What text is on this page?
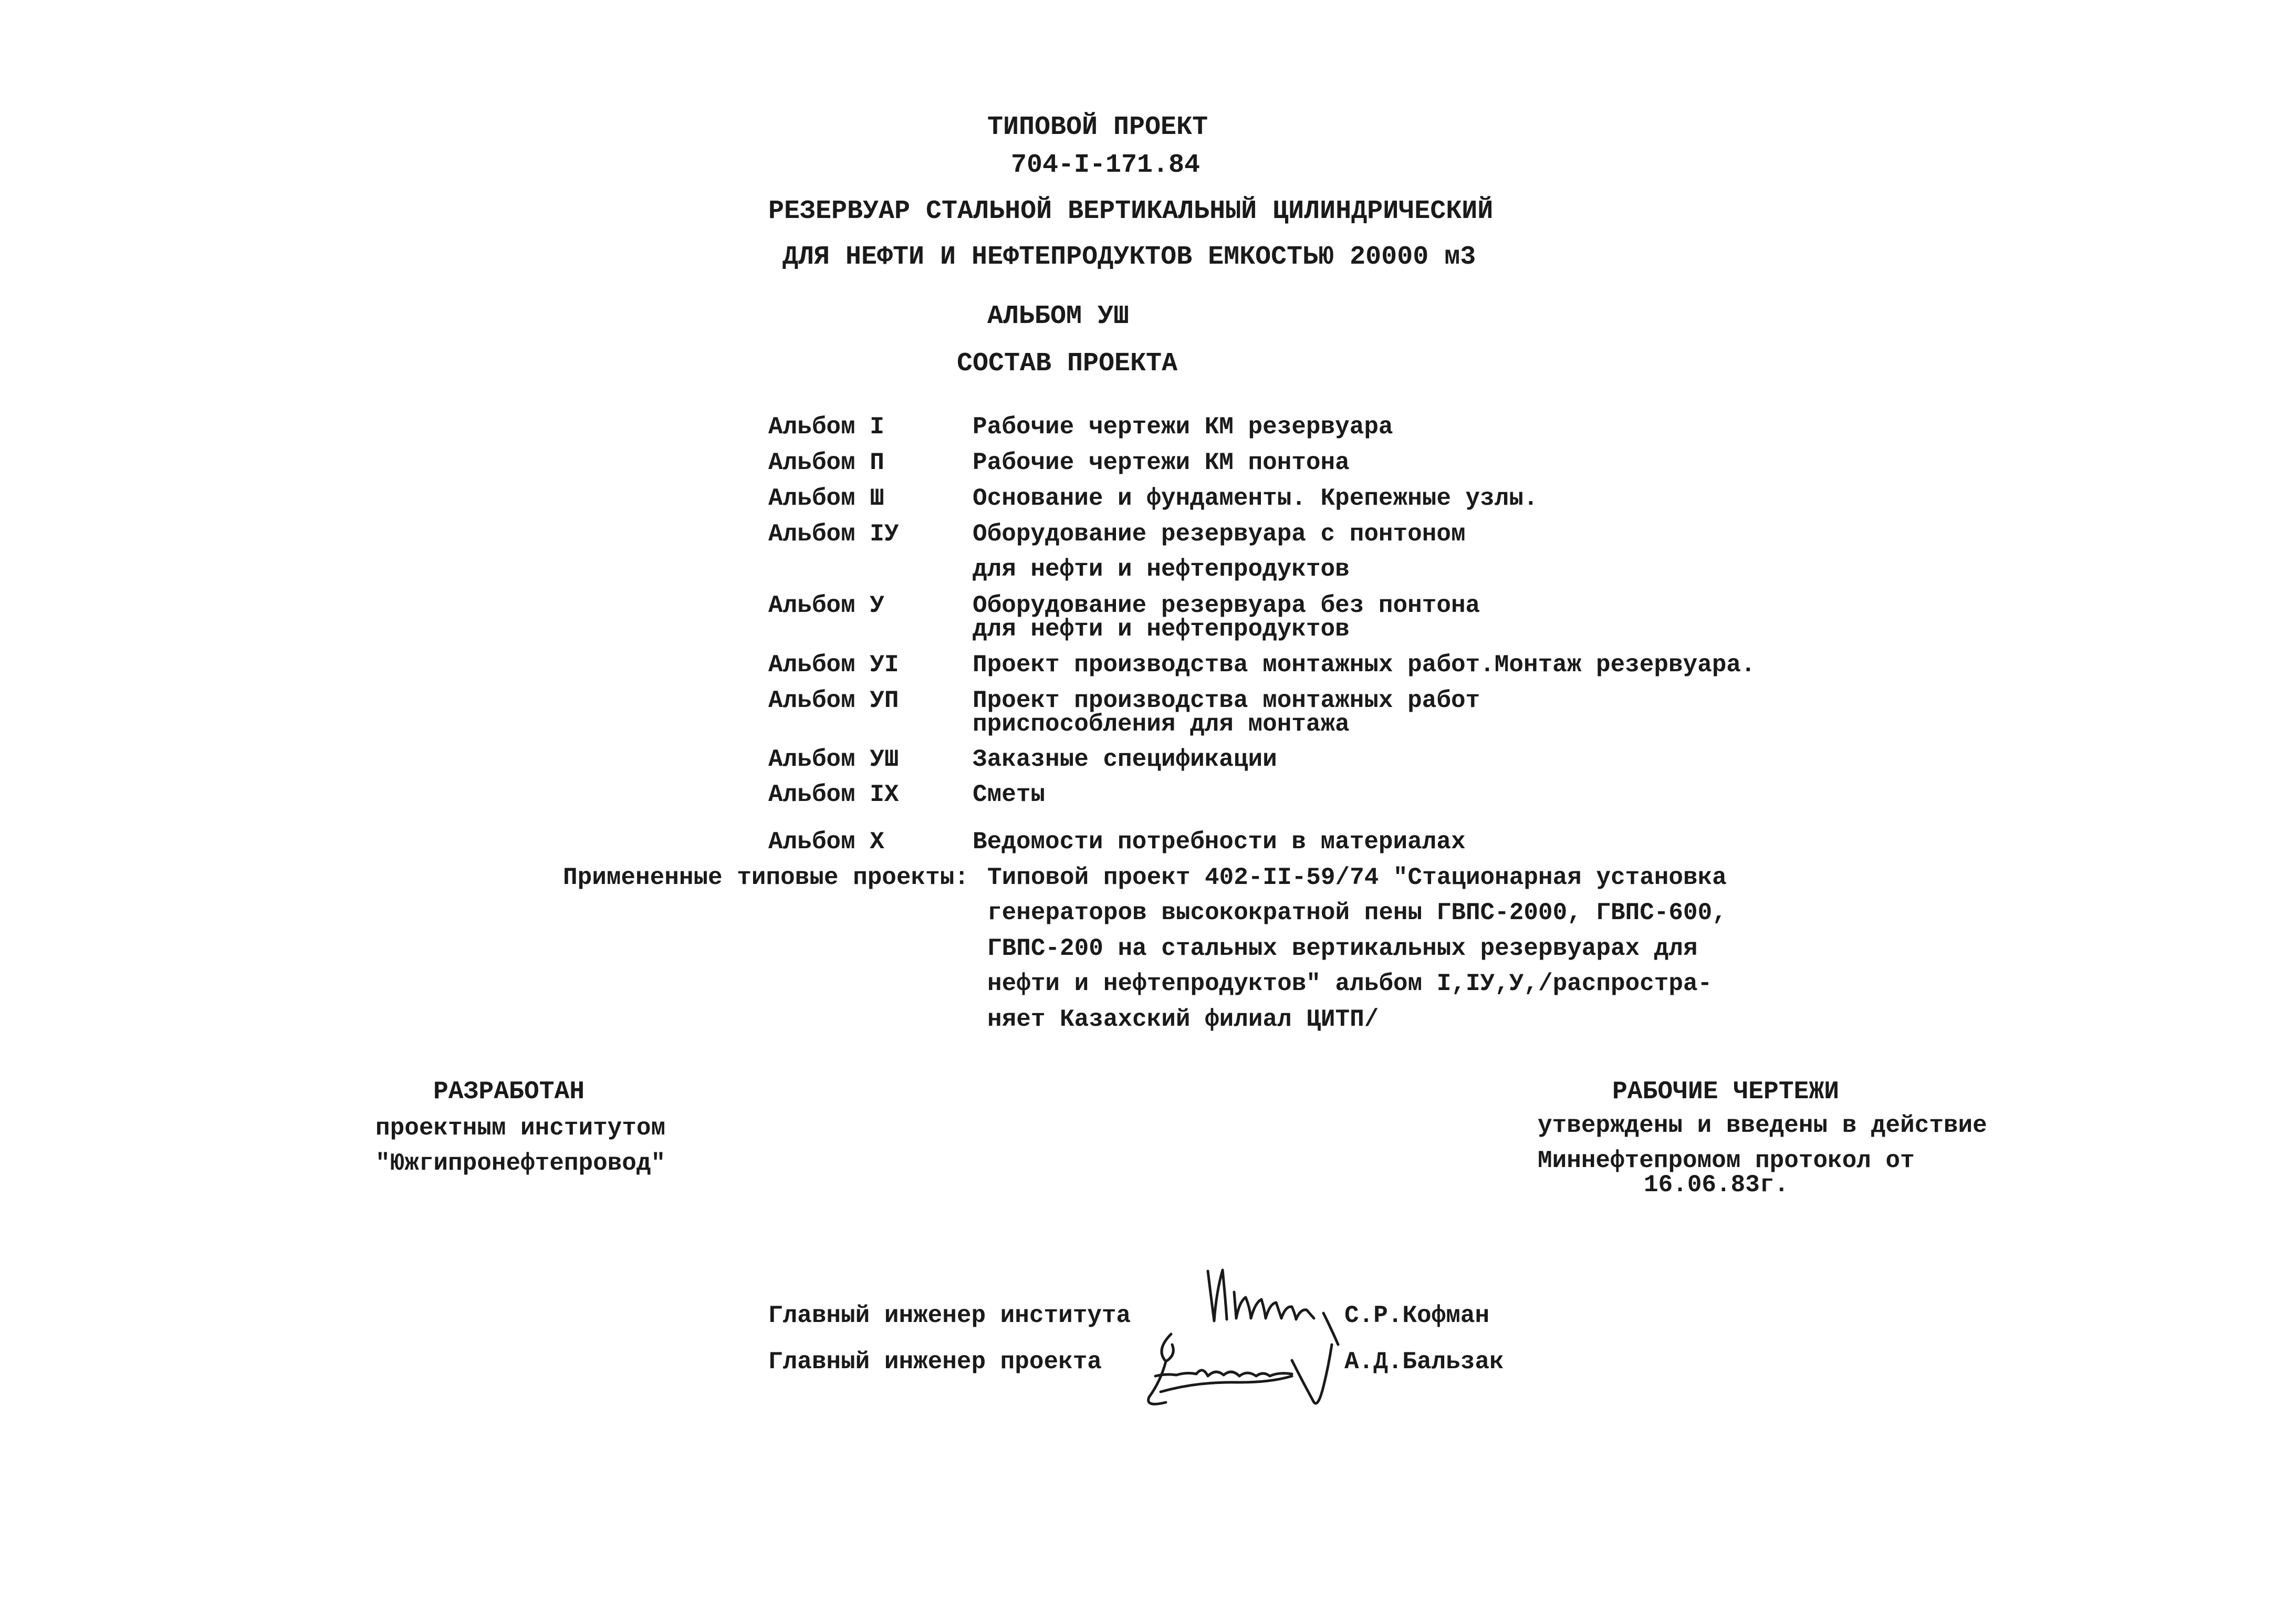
ТИПОВОЙ ПРОЕКТ
704-I-171.84
РЕЗЕРВУАР СТАЛЬНОЙ ВЕРТИКАЛЬНЫЙ ЦИЛИНДРИЧЕСКИЙ
ДЛЯ НЕФТИ И НЕФТЕПРОДУКТОВ ЕМКОСТЬЮ 20000 м3
АЛЬБОМ УШ
СОСТАВ ПРОЕКТА
Альбом I	Рабочие чертежи КМ резервуара
Альбом П	Рабочие чертежи КМ понтона
Альбом Ш	Основание и фундаменты. Крепежные узлы.
Альбом IУ	Оборудование резервуара с понтоном
для нефти и нефтепродуктов
Альбом У	Оборудование резервуара без понтона
для нефти и нефтепродуктов
Альбом УI	Проект производства монтажных работ.Монтаж резервуара.
Альбом УП	Проект производства монтажных работ
приспособления для монтажа
Альбом УШ	Заказные спецификации
Альбом IX	Сметы
Альбом X	Ведомости потребности в материалах
Примененные типовые проекты: Типовой проект 402-II-59/74 "Стационарная установка
генераторов высокократной пены ГВПС-2000, ГВПС-600,
ГВПС-200 на стальных вертикальных резервуарах для
нефти и нефтепродуктов" альбом I,IУ,У,/распростра-
няет Казахский филиал ЦИТП/
РАЗРАБОТАН
проектным институтом
"Южгипронефтепровод"
РАБОЧИЕ ЧЕРТЕЖИ
утверждены и введены в действие
Миннефтепромом протокол от
16.06.83г.
Главный инженер института	С.Р.Кофман
Главный инженер проекта	А.Д.Бальзак
